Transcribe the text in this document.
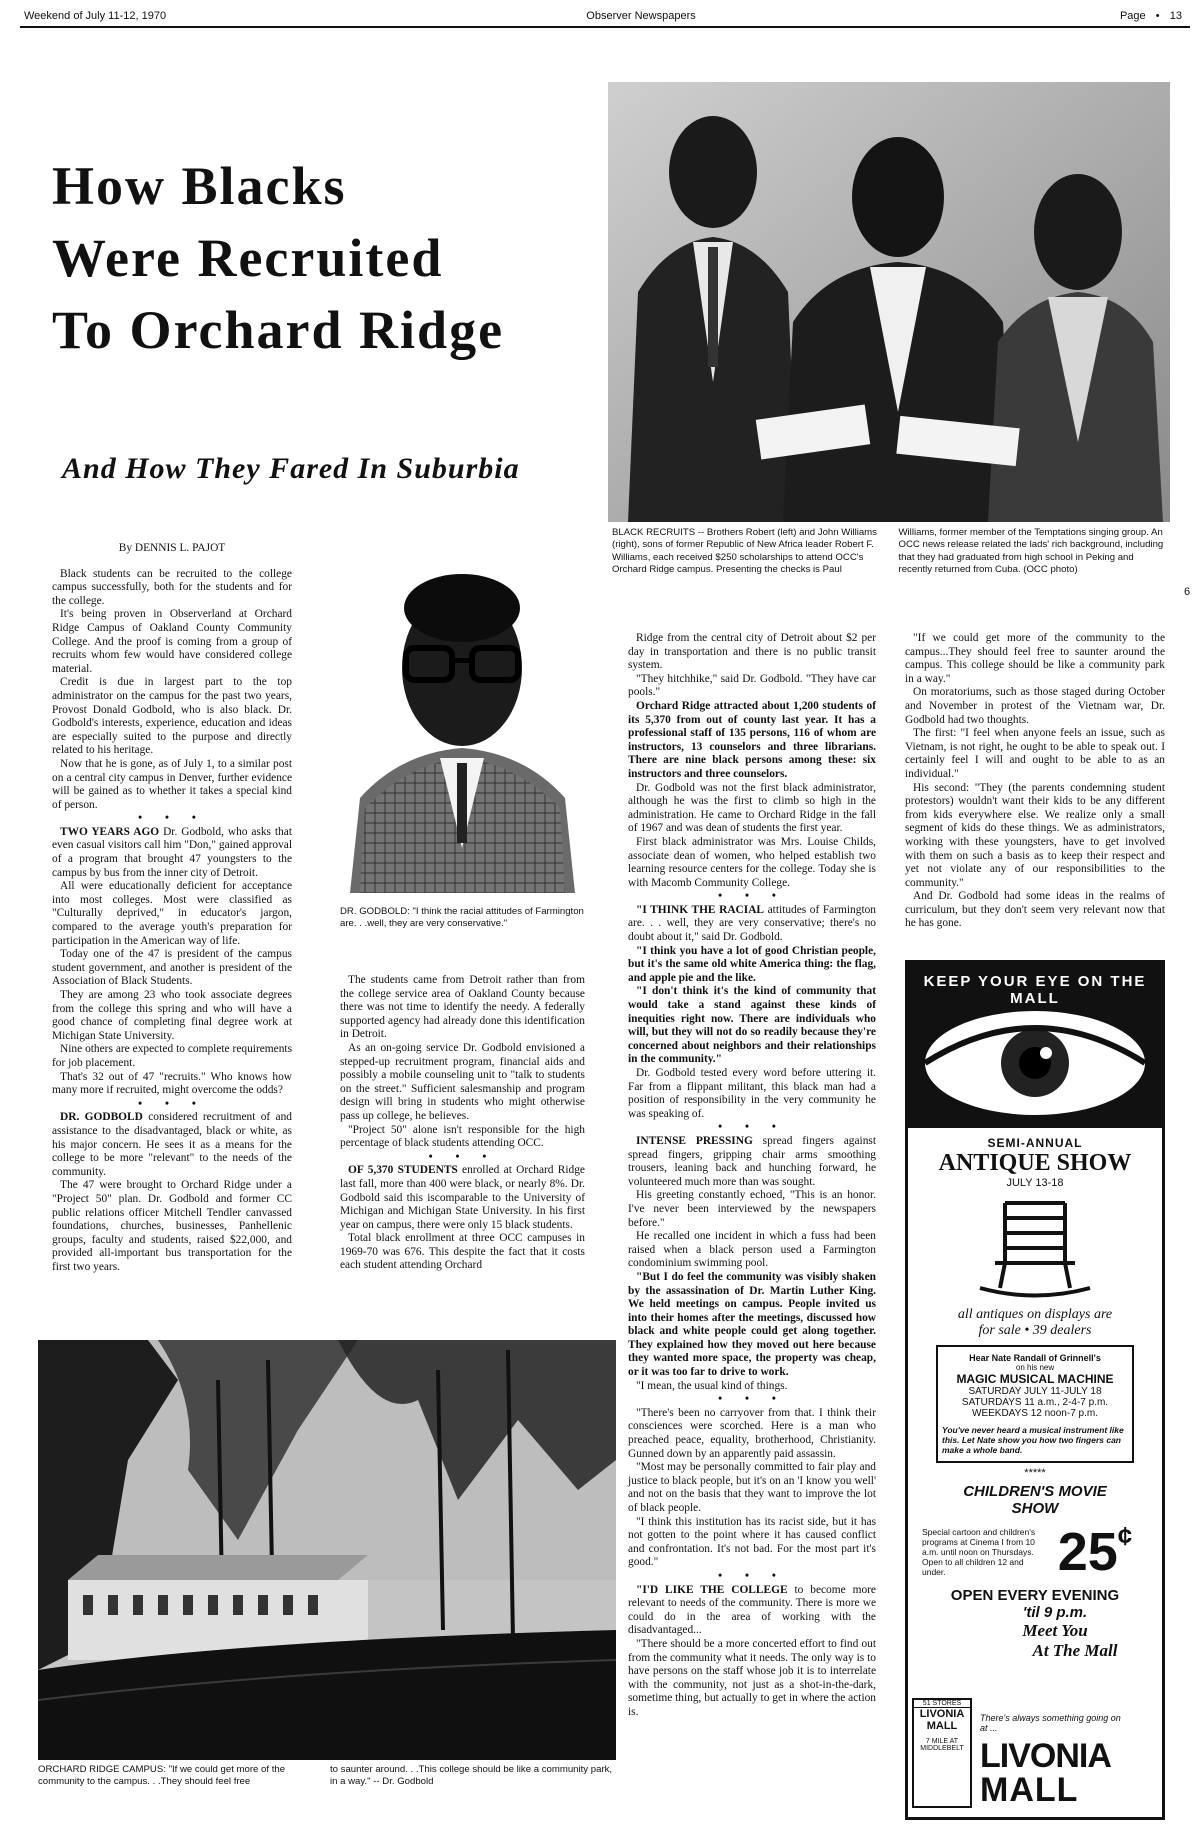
Weekend of July 11-12, 1970	Observer Newspapers	Page  •  13
How Blacks
Were Recruited
To Orchard Ridge
And How They Fared In Suburbia
BLACK RECRUITS -- Brothers Robert (left) and John Williams (right), sons of former Republic of New Africa leader Robert F. Williams, each received $250 scholarships to attend OCC's Orchard Ridge campus. Presenting the checks is Paul Williams, former member of the Temptations singing group. An OCC news release related the lads' rich background, including that they had graduated from high school in Peking and recently returned from Cuba. (OCC photo)
By DENNIS L. PAJOT

Black students can be recruited to the college campus successfully, both for the students and for the college.

It's being proven in Observerland at Orchard Ridge Campus of Oakland County Community College. And the proof is coming from a group of recruits whom few would have considered college material.

Credit is due in largest part to the top administrator on the campus for the past two years, Provost Donald Godbold, who is also black. Dr. Godbold's interests, experience, education and ideas are especially suited to the purpose and directly related to his heritage.

Now that he is gone, as of July 1, to a similar post on a central city campus in Denver, further evidence will be gained as to whether it takes a special kind of person.

• • •

TWO YEARS AGO Dr. Godbold, who asks that even casual visitors call him "Don," gained approval of a program that brought 47 youngsters to the campus by bus from the inner city of Detroit.

All were educationally deficient for acceptance into most colleges. Most were classified as "Culturally deprived," in educator's jargon, compared to the average youth's preparation for participation in the American way of life.

Today one of the 47 is president of the campus student government, and another is president of the Association of Black Students.

They are among 23 who took associate degrees from the college this spring and who will have a good chance of completing final degree work at Michigan State University.

Nine others are expected to complete requirements for job placement.

That's 32 out of 47 "recruits." Who knows how many more if recruited, might overcome the odds?

• • •

DR. GODBOLD considered recruitment of and assistance to the disadvantaged, black or white, as his major concern. He sees it as a means for the college to be more "relevant" to the needs of the community.

The 47 were brought to Orchard Ridge under a "Project 50" plan. Dr. Godbold and former CC public relations officer Mitchell Tendler canvassed foundations, churches, businesses, Panhellenic groups, faculty and students, raised $22,000, and provided all-important bus transportation for the first two years.

DR. GODBOLD: "I think the racial attitudes of Farmington are. . .well, they are very conservative."

The students came from Detroit rather than from the college service area of Oakland County because there was not time to identify the needy. A federally supported agency had already done this identification in Detroit.

As an on-going service Dr. Godbold envisioned a stepped-up recruitment program, financial aids and possibly a mobile counseling unit to "talk to students on the street." Sufficient salesmanship and program design will bring in students who might otherwise pass up college, he believes.

"Project 50" alone isn't responsible for the high percentage of black students attending OCC.

• • •

OF 5,370 STUDENTS enrolled at Orchard Ridge last fall, more than 400 were black, or nearly 8%. Dr. Godbold said this iscomparable to the University of Michigan and Michigan State University. In his first year on campus, there were only 15 black students.

Total black enrollment at three OCC campuses in 1969-70 was 676. This despite the fact that it costs each student attending Orchard

ORCHARD RIDGE CAMPUS: "If we could get more of the community to the campus. . .They should feel free
to saunter around. . .This college should be like a community park, in a way." -- Dr. Godbold

Ridge from the central city of Detroit about $2 per day in transportation and there is no public transit system.

"They hitchhike," said Dr. Godbold. "They have car pools."

Orchard Ridge attracted about 1,200 students of its 5,370 from out of county last year. It has a professional staff of 135 persons, 116 of whom are instructors, 13 counselors and three librarians. There are nine black persons among these: six instructors and three counselors.

Dr. Godbold was not the first black administrator, although he was the first to climb so high in the administration. He came to Orchard Ridge in the fall of 1967 and was dean of students the first year.

First black administrator was Mrs. Louise Childs, associate dean of women, who helped establish two learning resource centers for the college. Today she is with Macomb Community College.

• • •

"I THINK THE RACIAL attitudes of Farmington are. . . well, they are very conservative; there's no doubt about it," said Dr. Godbold.

"I think you have a lot of good Christian people, but it's the same old white America thing: the flag, and apple pie and the like.

"I don't think it's the kind of community that would take a stand against these kinds of inequities right now. There are individuals who will, but they will not do so readily because they're concerned about neighbors and their relationships in the community."

Dr. Godbold tested every word before uttering it. Far from a flippant militant, this black man had a position of responsibility in the very community he was speaking of.

• • •

INTENSE PRESSING spread fingers against spread fingers, gripping chair arms smoothing trousers, leaning back and hunching forward, he volunteered much more than was sought.

His greeting constantly echoed, "This is an honor. I've never been interviewed by the newspapers before."

He recalled one incident in which a fuss had been raised when a black person used a Farmington condominium swimming pool.

"But I do feel the community was visibly shaken by the assassination of Dr. Martin Luther King. We held meetings on campus. People invited us into their homes after the meetings, discussed how black and white people could get along together. They explained how they moved out here because they wanted more space, the property was cheap, or it was too far to drive to work.

"I mean, the usual kind of things.

• • •

"There's been no carryover from that. I think their consciences were scorched. Here is a man who preached peace, equality, brotherhood, Christianity. Gunned down by an apparently paid assassin.

"Most may be personally committed to fair play and justice to black people, but it's on an 'I know you well' and not on the basis that they want to improve the lot of black people.

"I think this institution has its racist side, but it has not gotten to the point where it has caused conflict and confrontation. It's not bad. For the most part it's good."

• • •

"I'D LIKE THE COLLEGE to become more relevant to needs of the community. There is more we could do in the area of working with the disadvantaged...

"There should be a more concerted effort to find out from the community what it needs. The only way is to have persons on the staff whose job it is to interrelate with the community, not just as a shot-in-the-dark, sometime thing, but actually to get in where the action is.

"If we could get more of the community to the campus...They should feel free to saunter around the campus. This college should be like a community park in a way."

On moratoriums, such as those staged during October and November in protest of the Vietnam war, Dr. Godbold had two thoughts.

The first: "I feel when anyone feels an issue, such as Vietnam, is not right, he ought to be able to speak out. I certainly feel I will and ought to be able to as an individual."

His second: "They (the parents condemning student protestors) wouldn't want their kids to be any different from kids everywhere else. We realize only a small segment of kids do these things. We as administrators, working with these youngsters, have to get involved with them on such a basis as to keep their respect and yet not violate any of our responsibilities to the community."

And Dr. Godbold had some ideas in the realms of curriculum, but they don't seem very relevant now that he has gone.

6
KEEP YOUR EYE ON THE MALL
SEMI-ANNUAL
ANTIQUE SHOW
JULY 13-18
all antiques on displays are
for sale • 39 dealers
Hear Nate Randall of Grinnell's
on his new
MAGIC MUSICAL MACHINE
SATURDAY JULY 11-JULY 18
SATURDAYS 11 a.m., 2-4-7 p.m.
WEEKDAYS 12 noon-7 p.m.
You've never heard a musical instrument like this. Let Nate show you how two fingers can make a whole band.
*****
CHILDREN'S MOVIE
SHOW
Special cartoon and children's programs at Cinema I from 10 a.m. until noon on Thursdays. Open to all children 12 and under.	25¢
OPEN EVERY EVENING
'til 9 p.m.
Meet You
At The Mall
51 STORES
LIVONIA
MALL
7 MILE AT MIDDLEBELT
There's always something going on at ...
LIVONIA
MALL
